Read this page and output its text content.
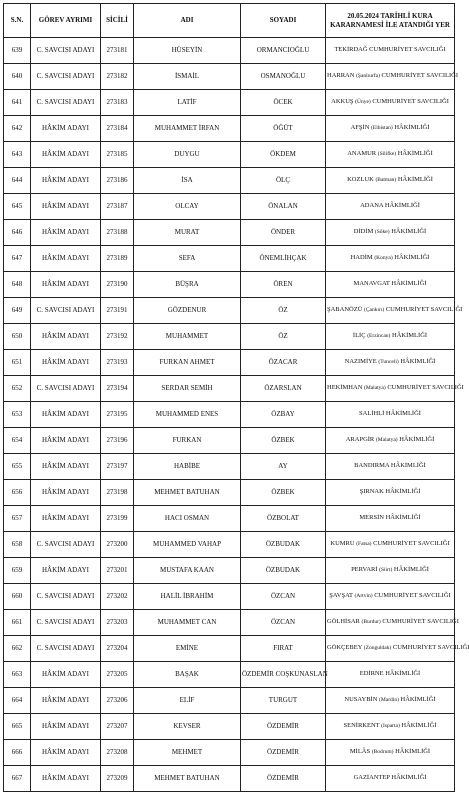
S.N.	GÖREV AYRIMI	SİCİLİ	ADI	SOYADI	20.05.2024 TARİHLİ KURA KARARNAMESİ İLE ATANDIĞI YER
639	C. SAVCISI ADAYI	273181	HÜSEYİN	ORMANCIOĞLU	TEKİRDAĞ CUMHURİYET SAVCILIĞI
640	C. SAVCISI ADAYI	273182	İSMAİL	OSMANOĞLU	HARRAN (Şanlıurfa) CUMHURİYET SAVCILIĞI
641	C. SAVCISI ADAYI	273183	LATİF	ÖCEK	AKKUŞ (Ünye) CUMHURİYET SAVCILIĞI
642	HÂKİM ADAYI	273184	MUHAMMET İRFAN	ÖĞÜT	AFŞİN (Elbistan) HÂKİMLİĞİ
643	HÂKİM ADAYI	273185	DUYGU	ÖKDEM	ANAMUR (Silifke) HÂKİMLİĞİ
644	HÂKİM ADAYI	273186	İSA	ÖLÇ	KOZLUK (Batman) HÂKİMLİĞİ
645	HÂKİM ADAYI	273187	OLCAY	ÖNALAN	ADANA HÂKİMLİĞİ
646	HÂKİM ADAYI	273188	MURAT	ÖNDER	DİDİM (Söke) HÂKİMLİĞİ
647	HÂKİM ADAYI	273189	SEFA	ÖNEMLİHÇAK	HADİM (Konya) HÂKİMLİĞİ
648	HÂKİM ADAYI	273190	BÜŞRA	ÖREN	MANAVGAT HÂKİMLİĞİ
649	C. SAVCISI ADAYI	273191	GÖZDENUR	ÖZ	ŞABANÖZÜ (Çankırı) CUMHURİYET SAVCILIĞI
650	HÂKİM ADAYI	273192	MUHAMMET	ÖZ	İLİÇ (Erzincan) HÂKİMLİĞİ
651	HÂKİM ADAYI	273193	FURKAN AHMET	ÖZACAR	NAZIMİYE (Tunceli) HÂKİMLİĞİ
652	C. SAVCISI ADAYI	273194	SERDAR SEMİH	ÖZARSLAN	HEKİMHAN (Malatya) CUMHURİYET SAVCILIĞI
653	HÂKİM ADAYI	273195	MUHAMMED ENES	ÖZBAY	SALİHLİ HÂKİMLİĞİ
654	HÂKİM ADAYI	273196	FURKAN	ÖZBEK	ARAPGİR (Malatya) HÂKİMLİĞİ
655	HÂKİM ADAYI	273197	HABİBE	AY	BANDIRMA HÂKİMLİĞİ
656	HÂKİM ADAYI	273198	MEHMET BATUHAN	ÖZBEK	ŞIRNAK HÂKİMLİĞİ
657	HÂKİM ADAYI	273199	HACI OSMAN	ÖZBOLAT	MERSİN HÂKİMLİĞİ
658	C. SAVCISI ADAYI	273200	MUHAMMED VAHAP	ÖZBUDAK	KUMRU (Fatsa) CUMHURİYET SAVCILIĞI
659	HÂKİM ADAYI	273201	MUSTAFA KAAN	ÖZBUDAK	PERVARİ (Siirt) HÂKİMLİĞİ
660	C. SAVCISI ADAYI	273202	HALİL İBRAHİM	ÖZCAN	ŞAVŞAT (Artvin) CUMHURİYET SAVCILIĞI
661	C. SAVCISI ADAYI	273203	MUHAMMET CAN	ÖZCAN	GÖLHİSAR (Burdur) CUMHURİYET SAVCILIĞI
662	C. SAVCISI ADAYI	273204	EMİNE	FIRAT	GÖKÇEBEY (Zonguldak) CUMHURİYET SAVCILIĞI
663	HÂKİM ADAYI	273205	BAŞAK	ÖZDEMİR COŞKUNASLAN	EDİRNE HÂKİMLİĞİ
664	HÂKİM ADAYI	273206	ELİF	TURGUT	NUSAYBİN (Mardin) HÂKİMLİĞİ
665	HÂKİM ADAYI	273207	KEVSER	ÖZDEMİR	SENİRKENT (Isparta) HÂKİMLİĞİ
666	HÂKİM ADAYI	273208	MEHMET	ÖZDEMİR	MİLÂS (Bodrum) HÂKİMLİĞİ
667	HÂKİM ADAYI	273209	MEHMET BATUHAN	ÖZDEMİR	GAZİANTEP HÂKİMLİĞİ
